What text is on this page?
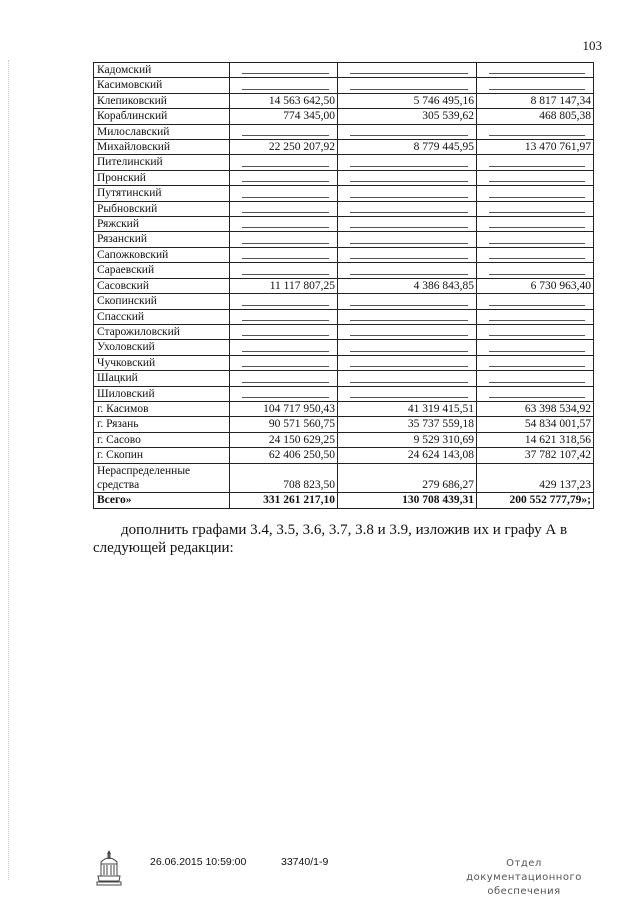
103
Кадомский	

Касимовский	

Клепиковский	14 563 642,50	5 746 495,16	8 817 147,34
Кораблинский	774 345,00	305 539,62	468 805,38
Милославский	

Михайловский	22 250 207,92	8 779 445,95	13 470 761,97
Пителинский	

Пронский	

Путятинский	

Рыбновский	

Ряжский	

Рязанский	

Сапожковский	

Сараевский	

Сасовский	11 117 807,25	4 386 843,85	6 730 963,40
Скопинский	

Спасский	

Старожиловский	

Ухоловский	

Чучковский	

Шацкий	

Шиловский	

г. Касимов	104 717 950,43	41 319 415,51	63 398 534,92
г. Рязань	90 571 560,75	35 737 559,18	54 834 001,57
г. Сасово	24 150 629,25	9 529 310,69	14 621 318,56
г. Скопин	62 406 250,50	24 624 143,08	37 782 107,42
Нераспределенные средства	708 823,50	279 686,27	429 137,23
Всего»	331 261 217,10	130 708 439,31	200 552 777,79»;
дополнить графами 3.4, 3.5, 3.6, 3.7, 3.8 и 3.9, изложив их и графу А в следующей редакции:
26.06.2015 10:59:00	33740/1-9	Отдел документационного
обеспечения
